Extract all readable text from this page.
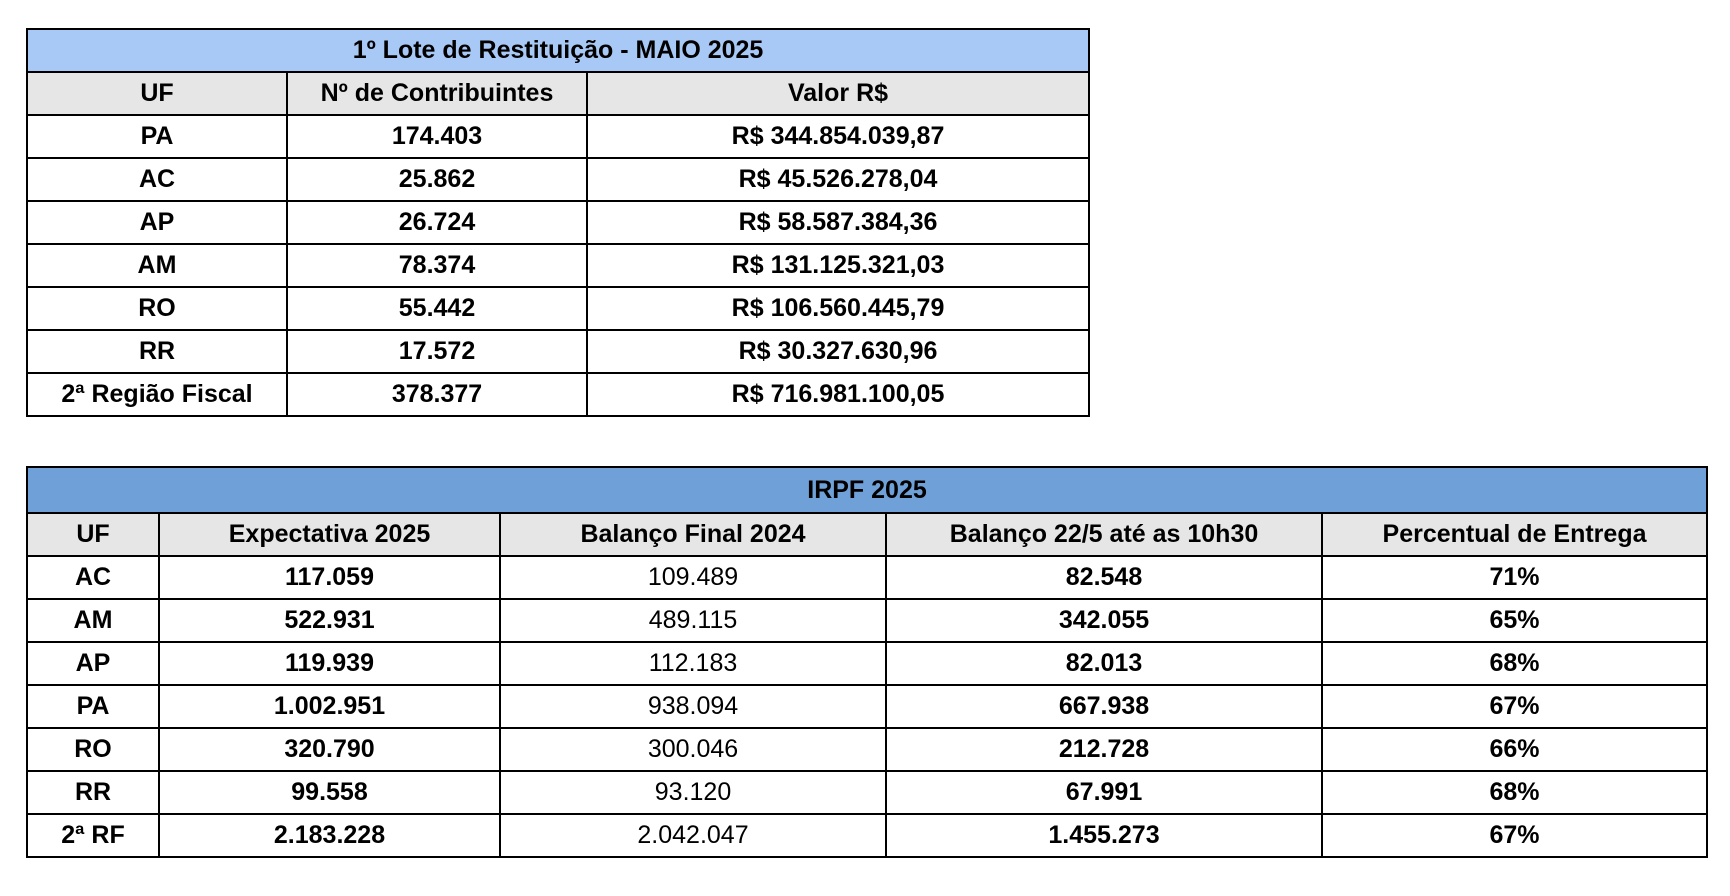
1º Lote de Restituição - MAIO 2025		
UF	Nº de Contribuintes	Valor R$
PA	174.403	R$ 344.854.039,87
AC	25.862	R$ 45.526.278,04
AP	26.724	R$ 58.587.384,36
AM	78.374	R$ 131.125.321,03
RO	55.442	R$ 106.560.445,79
RR	17.572	R$ 30.327.630,96
2ª Região Fiscal	378.377	R$ 716.981.100,05
IRPF 2025				
UF	Expectativa 2025	Balanço Final 2024	Balanço 22/5 até as 10h30	Percentual de Entrega
AC	117.059	109.489	82.548	71%
AM	522.931	489.115	342.055	65%
AP	119.939	112.183	82.013	68%
PA	1.002.951	938.094	667.938	67%
RO	320.790	300.046	212.728	66%
RR	99.558	93.120	67.991	68%
2ª RF	2.183.228	2.042.047	1.455.273	67%
